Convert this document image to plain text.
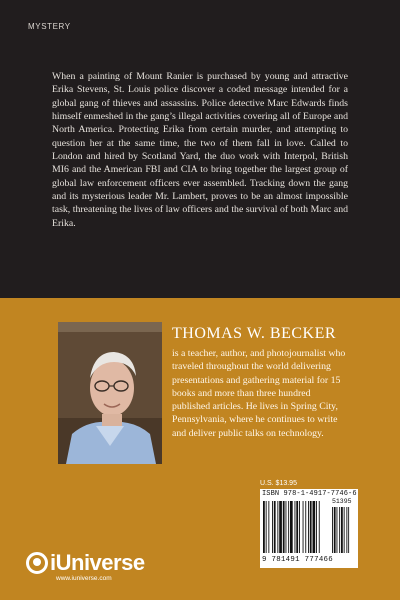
MYSTERY

When a painting of Mount Ranier is purchased by young and attractive Erika Stevens, St. Louis police discover a coded message intended for a global gang of thieves and assassins. Police detective Marc Edwards finds himself enmeshed in the gang’s illegal activities covering all of Europe and North America. Protecting Erika from certain murder, and attempting to question her at the same time, the two of them fall in love. Called to London and hired by Scotland Yard, the duo work with Interpol, British MI6 and the American FBI and CIA to bring together the largest group of global law enforcement officers ever assembled. Tracking down the gang and its mysterious leader Mr. Lambert, proves to be an almost impossible task, threatening the lives of law officers and the survival of both Marc and Erika.

THOMAS W. BECKER

is a teacher, author, and photojournalist who traveled throughout the world delivering presentations and gathering material for 15 books and more than three hundred published articles. He lives in Spring City, Pennsylvania, where he continues to write and deliver public talks on technology.

U.S. $13.95
ISBN 978-1-4917-7746-6
9 781491 777466
51395
iUniverse
www.iuniverse.com
